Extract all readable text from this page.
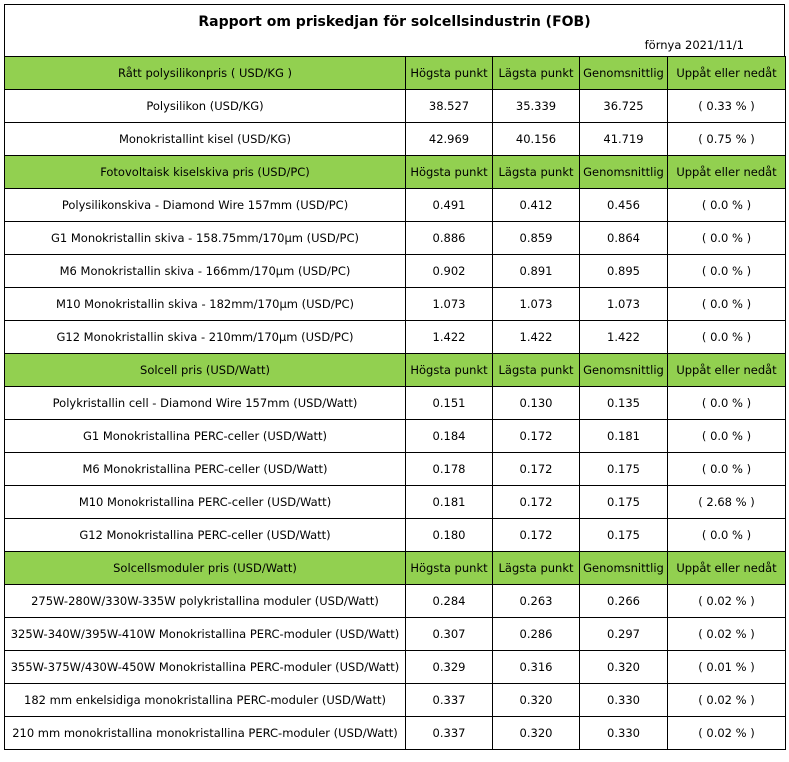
Rapport om priskedjan för solcellsindustrin (FOB)
förnya 2021/11/1
Rått polysilikonpris ( USD/KG )	Högsta punkt	Lägsta punkt	Genomsnittlig	Uppåt eller nedåt
Polysilikon (USD/KG)	38.527	35.339	36.725	( 0.33 % )
Monokristallint kisel (USD/KG)	42.969	40.156	41.719	( 0.75 % )
Fotovoltaisk kiselskiva pris (USD/PC)	Högsta punkt	Lägsta punkt	Genomsnittlig	Uppåt eller nedåt
Polysilikonskiva - Diamond Wire 157mm (USD/PC)	0.491	0.412	0.456	( 0.0 % )
G1 Monokristallin skiva - 158.75mm/170μm (USD/PC)	0.886	0.859	0.864	( 0.0 % )
M6 Monokristallin skiva - 166mm/170μm (USD/PC)	0.902	0.891	0.895	( 0.0 % )
M10 Monokristallin skiva - 182mm/170μm (USD/PC)	1.073	1.073	1.073	( 0.0 % )
G12 Monokristallin skiva - 210mm/170μm (USD/PC)	1.422	1.422	1.422	( 0.0 % )
Solcell pris (USD/Watt)	Högsta punkt	Lägsta punkt	Genomsnittlig	Uppåt eller nedåt
Polykristallin cell - Diamond Wire 157mm (USD/Watt)	0.151	0.130	0.135	( 0.0 % )
G1 Monokristallina PERC-celler (USD/Watt)	0.184	0.172	0.181	( 0.0 % )
M6 Monokristallina PERC-celler (USD/Watt)	0.178	0.172	0.175	( 0.0 % )
M10 Monokristallina PERC-celler (USD/Watt)	0.181	0.172	0.175	( 2.68 % )
G12 Monokristallina PERC-celler (USD/Watt)	0.180	0.172	0.175	( 0.0 % )
Solcellsmoduler pris (USD/Watt)	Högsta punkt	Lägsta punkt	Genomsnittlig	Uppåt eller nedåt
275W-280W/330W-335W polykristallina moduler (USD/Watt)	0.284	0.263	0.266	( 0.02 % )
325W-340W/395W-410W Monokristallina PERC-moduler (USD/Watt)	0.307	0.286	0.297	( 0.02 % )
355W-375W/430W-450W Monokristallina PERC-moduler (USD/Watt)	0.329	0.316	0.320	( 0.01 % )
182 mm enkelsidiga monokristallina PERC-moduler (USD/Watt)	0.337	0.320	0.330	( 0.02 % )
210 mm monokristallina monokristallina PERC-moduler (USD/Watt)	0.337	0.320	0.330	( 0.02 % )
